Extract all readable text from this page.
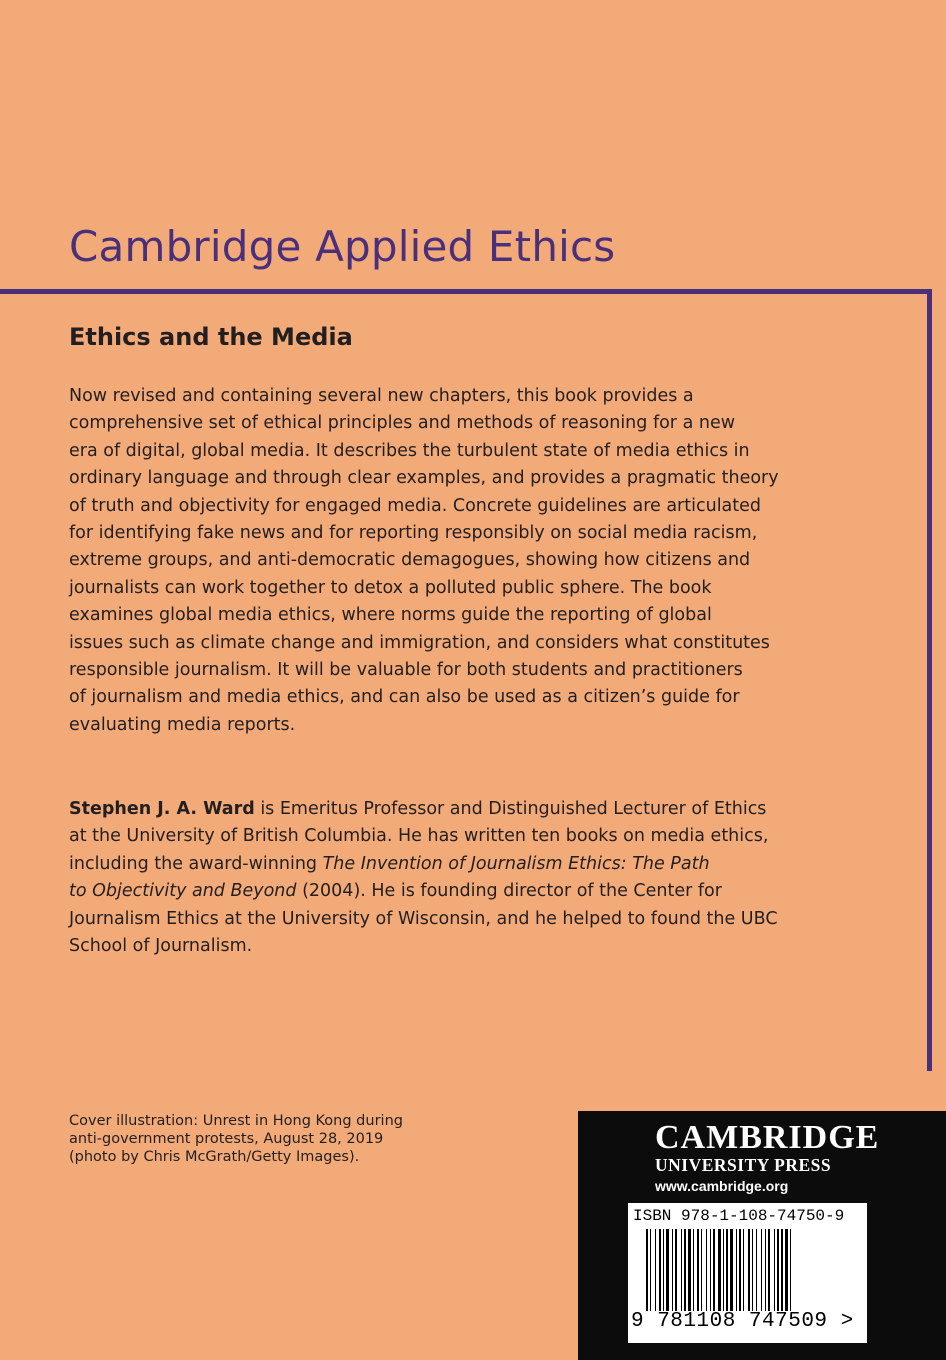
Cambridge Applied Ethics
Ethics and the Media

Now revised and containing several new chapters, this book provides a
comprehensive set of ethical principles and methods of reasoning for a new
era of digital, global media. It describes the turbulent state of media ethics in
ordinary language and through clear examples, and provides a pragmatic theory
of truth and objectivity for engaged media. Concrete guidelines are articulated
for identifying fake news and for reporting responsibly on social media racism,
extreme groups, and anti-democratic demagogues, showing how citizens and
journalists can work together to detox a polluted public sphere. The book
examines global media ethics, where norms guide the reporting of global
issues such as climate change and immigration, and considers what constitutes
responsible journalism. It will be valuable for both students and practitioners
of journalism and media ethics, and can also be used as a citizen’s guide for
evaluating media reports.

Stephen J. A. Ward is Emeritus Professor and Distinguished Lecturer of Ethics
at the University of British Columbia. He has written ten books on media ethics,
including the award-winning The Invention of Journalism Ethics: The Path
to Objectivity and Beyond (2004). He is founding director of the Center for
Journalism Ethics at the University of Wisconsin, and he helped to found the UBC
School of Journalism.

Cover illustration: Unrest in Hong Kong during
anti-government protests, August 28, 2019
(photo by Chris McGrath/Getty Images).
CAMBRIDGE
UNIVERSITY PRESS
www.cambridge.org
ISBN 978-1-108-74750-9
9 781108 747509 >
